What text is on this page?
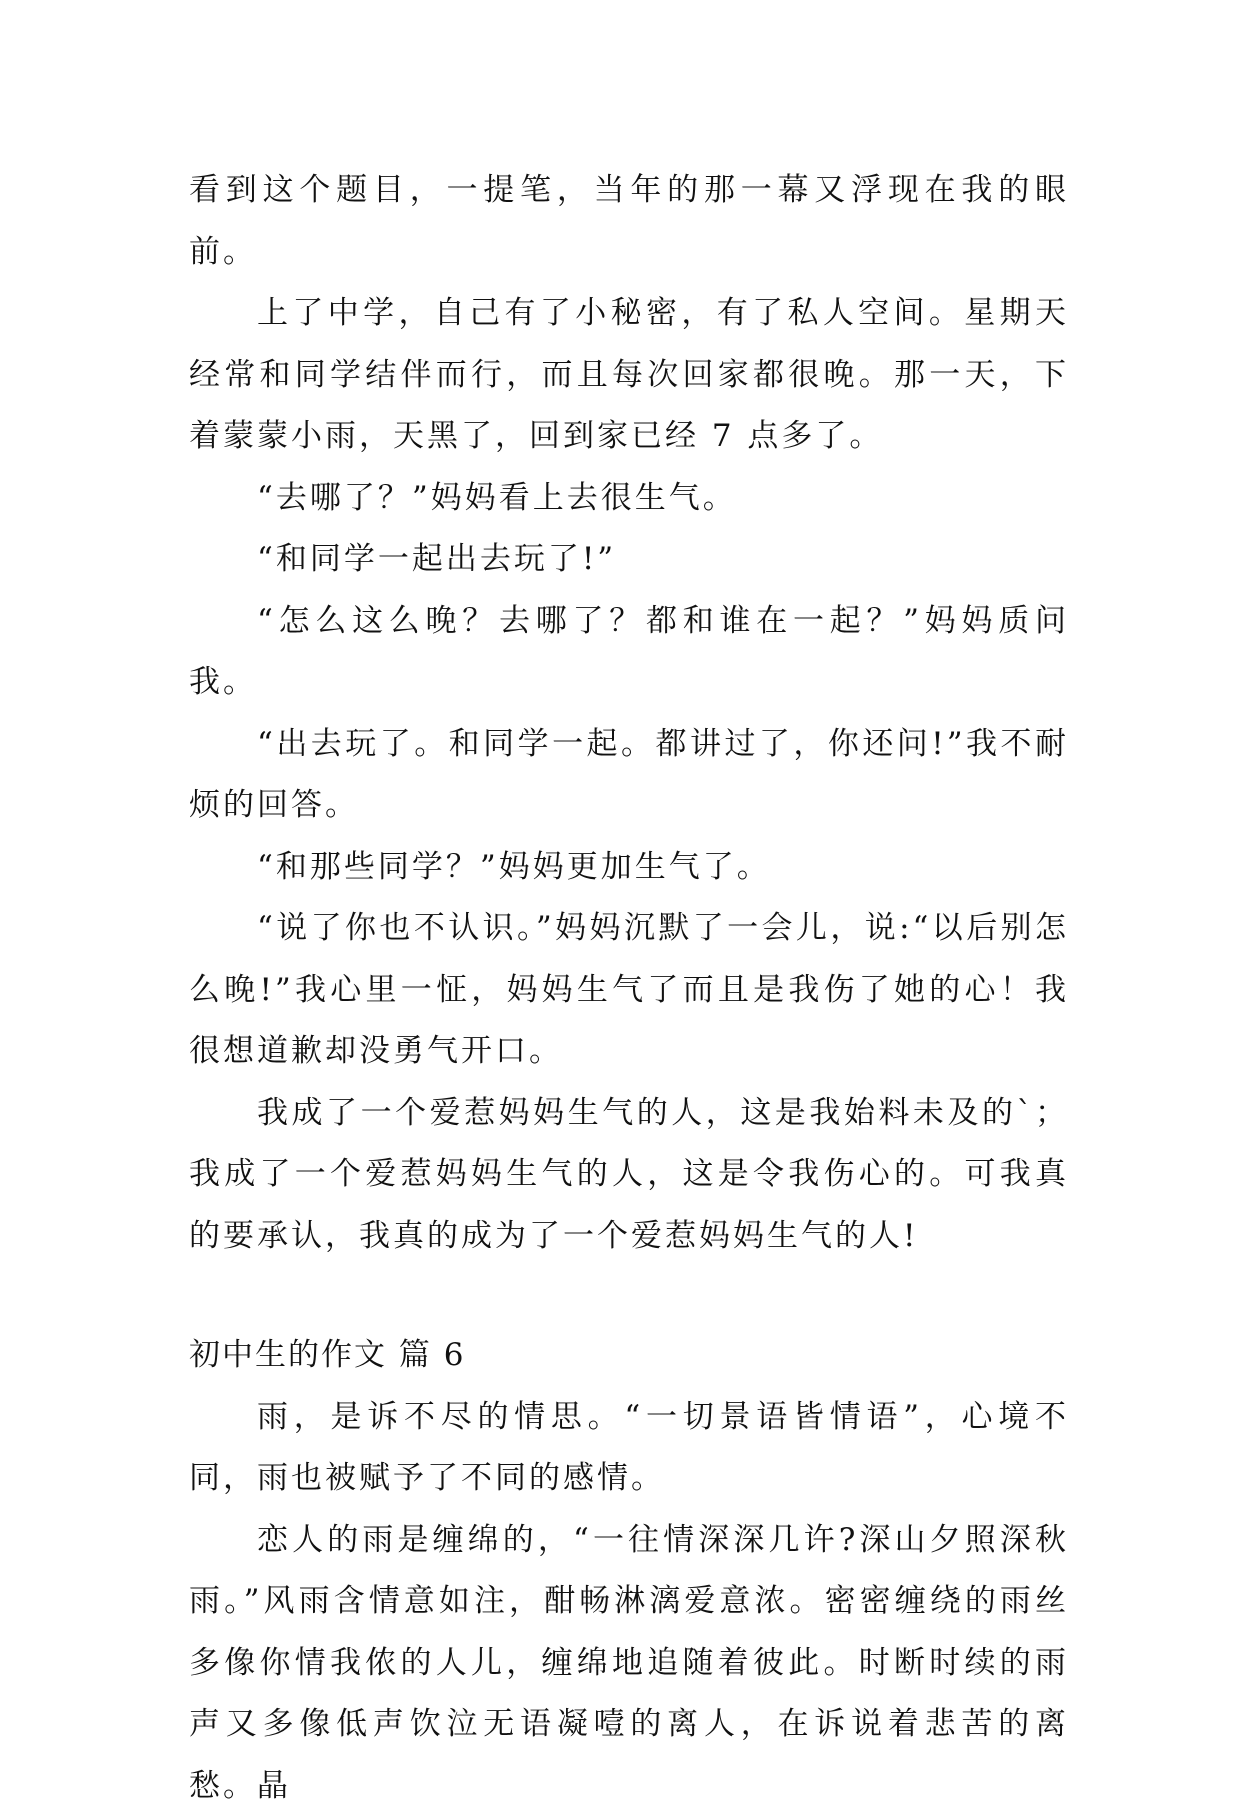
看到这个题目，一提笔，当年的那一幕又浮现在我的眼前。

上了中学，自己有了小秘密，有了私人空间。星期天经常和同学结伴而行，而且每次回家都很晚。那一天，下着蒙蒙小雨，天黑了，回到家已经 7 点多了。

“去哪了？”妈妈看上去很生气。

“和同学一起出去玩了!”

“怎么这么晚？去哪了？都和谁在一起？”妈妈质问我。

“出去玩了。和同学一起。都讲过了，你还问!”我不耐烦的回答。

“和那些同学？”妈妈更加生气了。

“说了你也不认识。”妈妈沉默了一会儿，说:“以后别怎么晚!”我心里一怔，妈妈生气了而且是我伤了她的心！我很想道歉却没勇气开口。

我成了一个爱惹妈妈生气的人，这是我始料未及的`；我成了一个爱惹妈妈生气的人，这是令我伤心的。可我真的要承认，我真的成为了一个爱惹妈妈生气的人!

初中生的作文 篇 6

雨，是诉不尽的情思。“一切景语皆情语”，心境不同，雨也被赋予了不同的感情。

恋人的雨是缠绵的，“一往情深深几许?深山夕照深秋雨。”风雨含情意如注，酣畅淋漓爱意浓。密密缠绕的雨丝多像你情我侬的人儿，缠绵地追随着彼此。时断时续的雨声又多像低声饮泣无语凝噎的离人，在诉说着悲苦的离愁。晶
